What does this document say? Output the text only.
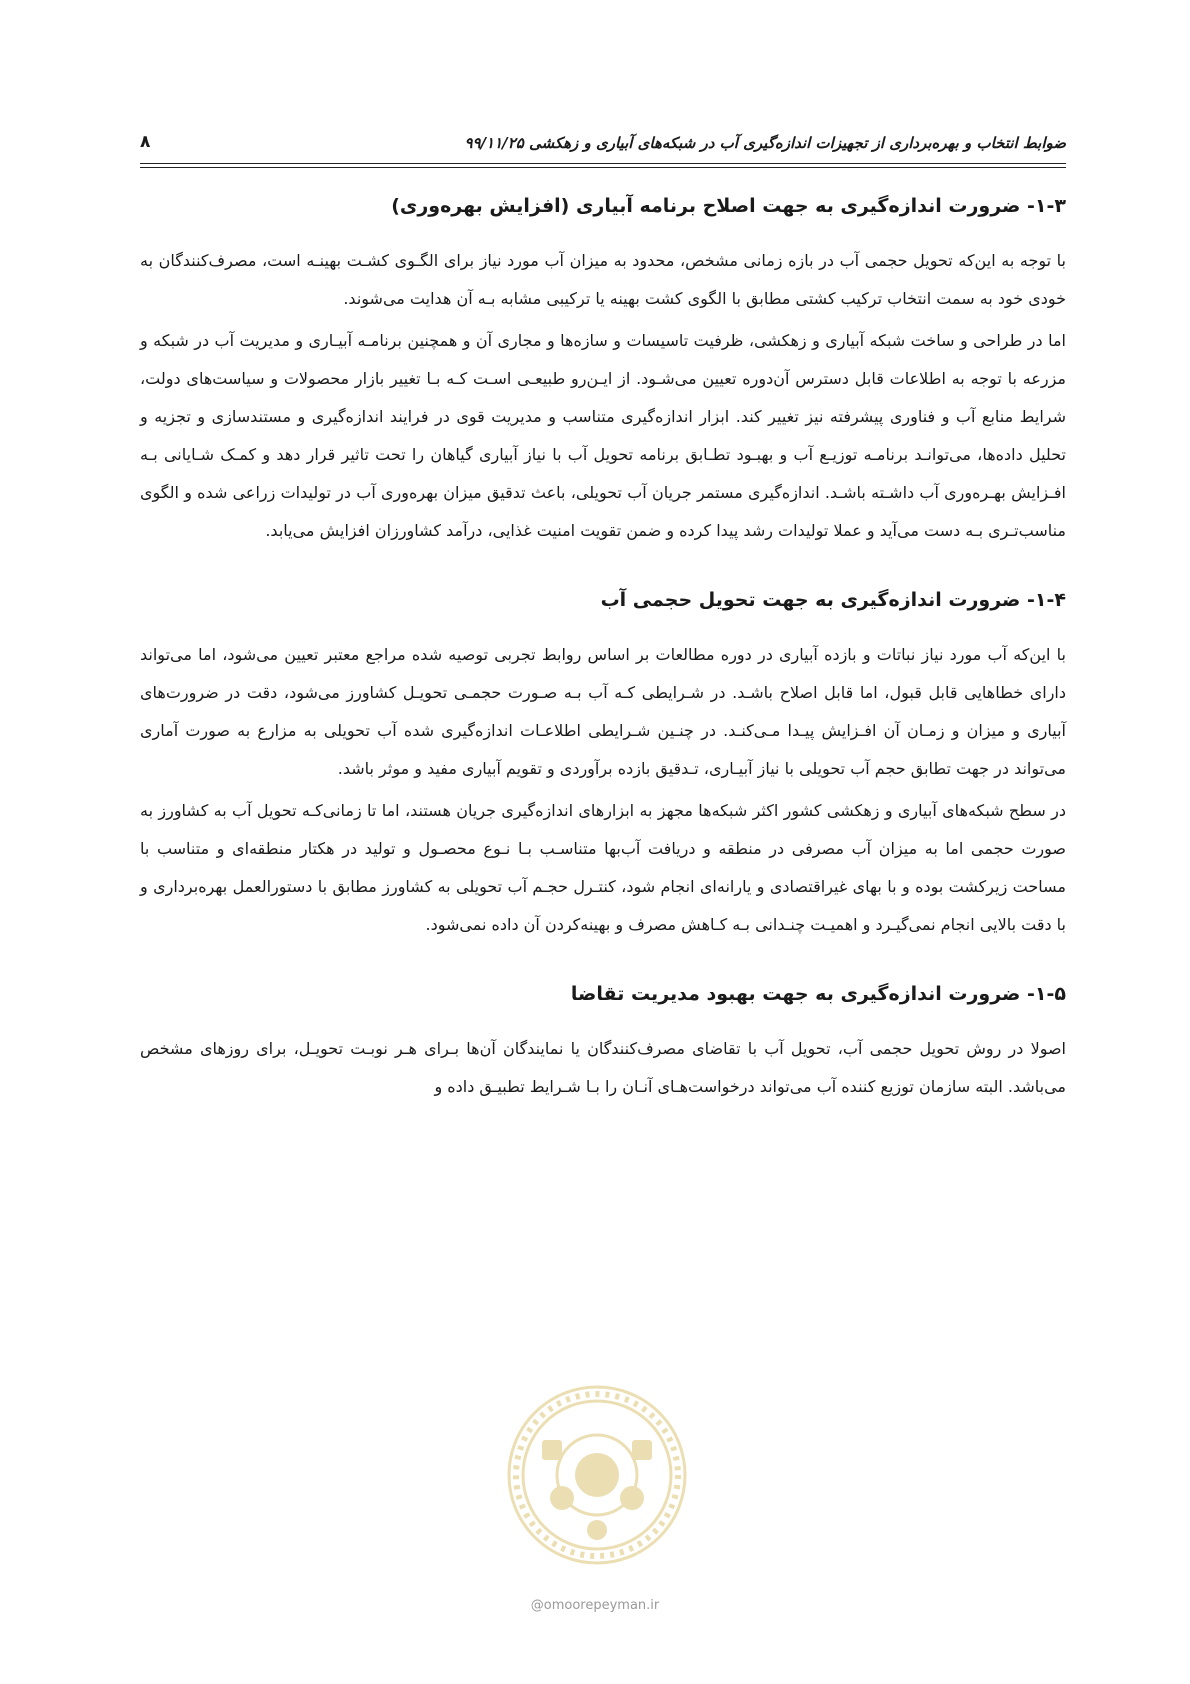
ضوابط انتخاب و بهره‌برداری از تجهیزات اندازه‌گیری آب در شبکه‌های آبیاری و زهکشی ۹۹/۱۱/۲۵
۸
۱-۳- ضرورت اندازه‌گیری به جهت اصلاح برنامه آبیاری (افزایش بهره‌وری)

با توجه به این‌که تحویل حجمی آب در بازه زمانی مشخص، محدود به میزان آب مورد نیاز برای الگـوی کشـت بهینـه است، مصرف‌کنندگان به خودی خود به سمت انتخاب ترکیب کشتی مطابق با الگوی کشت بهینه یا ترکیبی مشابه بـه آن هدایت می‌شوند.

اما در طراحی و ساخت شبکه آبیاری و زهکشی، ظرفیت تاسیسات و سازه‌ها و مجاری آن و همچنین برنامـه آبیـاری و مدیریت آب در شبکه و مزرعه با توجه به اطلاعات قابل دسترس آن‌دوره تعیین می‌شـود. از ایـن‌رو طبیعـی اسـت کـه بـا تغییر بازار محصولات و سیاست‌های دولت، شرایط منابع آب و فناوری پیشرفته نیز تغییر کند. ابزار اندازه‌گیری متناسب و مدیریت قوی در فرایند اندازه‌گیری و مستندسازی و تجزیه و تحلیل داده‌ها، می‌توانـد برنامـه توزیـع آب و بهبـود تطـابق برنامه تحویل آب با نیاز آبیاری گیاهان را تحت تاثیر قرار دهد و کمـک شـایانی بـه افـزایش بهـره‌وری آب داشـته باشـد. اندازه‌گیری مستمر جریان آب تحویلی، باعث تدقیق میزان بهره‌وری آب در تولیدات زراعی شده و الگوی مناسب‌تـری بـه دست می‌آید و عملا تولیدات رشد پیدا کرده و ضمن تقویت امنیت غذایی، درآمد کشاورزان افزایش می‌یابد.

۱-۴- ضرورت اندازه‌گیری به جهت تحویل حجمی آب

با این‌که آب مورد نیاز نباتات و بازده آبیاری در دوره مطالعات بر اساس روابط تجربی توصیه شده مراجع معتبر تعیین می‌شود، اما می‌تواند دارای خطاهایی قابل قبول، اما قابل اصلاح باشـد. در شـرایطی کـه آب بـه صـورت حجمـی تحویـل کشاورز می‌شود، دقت در ضرورت‌های آبیاری و میزان و زمـان آن افـزایش پیـدا مـی‌کنـد. در چنـین شـرایطی اطلاعـات اندازه‌گیری شده آب تحویلی به مزارع به صورت آماری می‌تواند در جهت تطابق حجم آب تحویلی با نیاز آبیـاری، تـدقیق بازده برآوردی و تقویم آبیاری مفید و موثر باشد.

در سطح شبکه‌های آبیاری و زهکشی کشور اکثر شبکه‌ها مجهز به ابزارهای اندازه‌گیری جریان هستند، اما تا زمانی‌کـه تحویل آب به کشاورز به صورت حجمی اما به میزان آب مصرفی در منطقه و دریافت آب‌بها متناسـب بـا نـوع محصـول و تولید در هکتار منطقه‌ای و متناسب با مساحت زیرکشت بوده و با بهای غیراقتصادی و یارانه‌ای انجام شود، کنتـرل حجـم آب تحویلی به کشاورز مطابق با دستورالعمل بهره‌برداری و با دقت بالایی انجام نمی‌گیـرد و اهمیـت چنـدانی بـه کـاهش مصرف و بهینه‌کردن آن داده نمی‌شود.

۱-۵- ضرورت اندازه‌گیری به جهت بهبود مدیریت تقاضا

اصولا در روش تحویل حجمی آب، تحویل آب با تقاضای مصرف‌کنندگان یا نمایندگان آن‌ها بـرای هـر نوبـت تحویـل، برای روزهای مشخص می‌باشد. البته سازمان توزیع کننده آب می‌تواند درخواست‌هـای آنـان را بـا شـرایط تطبیـق داده و

@omoorepeyman.ir
